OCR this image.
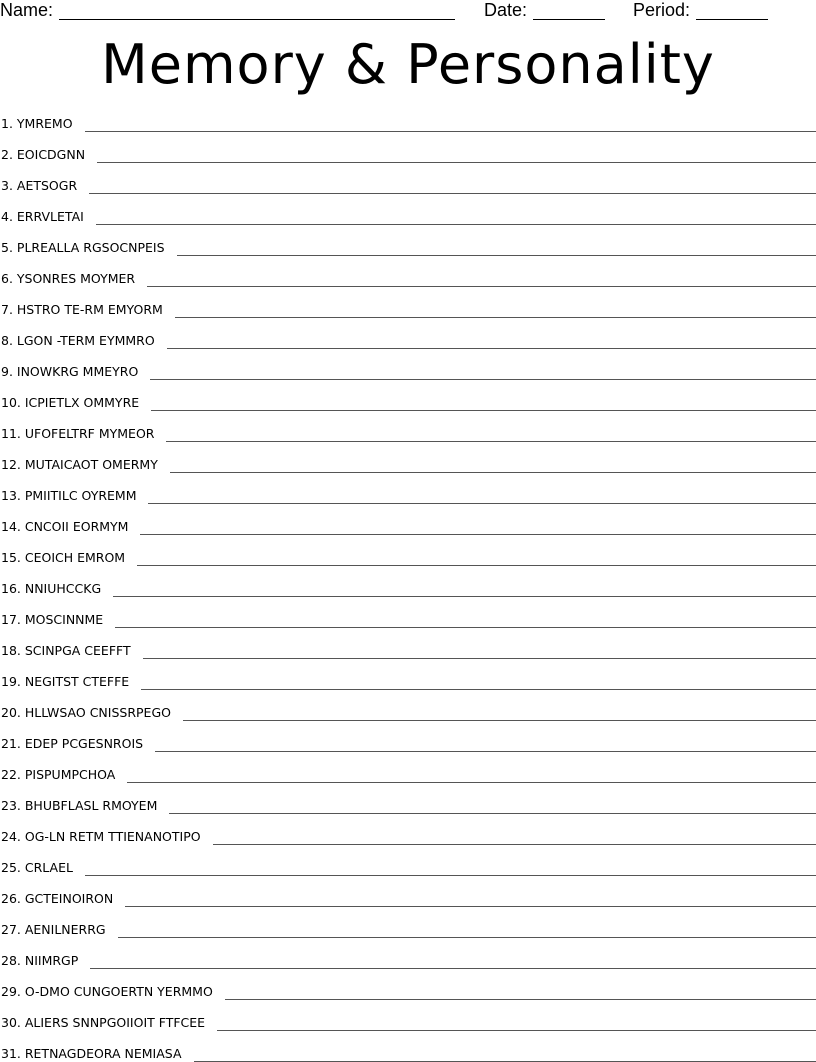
Name:	Date:	Period:
Memory & Personality
1. YMREMO
2. EOICDGNN
3. AETSOGR
4. ERRVLETAI
5. PLREALLA RGSOCNPEIS
6. YSONRES MOYMER
7. HSTRO TE-RM EMYORM
8. LGON -TERM EYMMRO
9. INOWKRG MMEYRO
10. ICPIETLX OMMYRE
11. UFOFELTRF MYMEOR
12. MUTAICAOT OMERMY
13. PMIITILC OYREMM
14. CNCOII EORMYM
15. CEOICH EMROM
16. NNIUHCCKG
17. MOSCINNME
18. SCINPGA CEEFFT
19. NEGITST CTEFFE
20. HLLWSAO CNISSRPEGO
21. EDEP PCGESNROIS
22. PISPUMPCHOA
23. BHUBFLASL RMOYEM
24. OG-LN RETM TTIENANOTIPO
25. CRLAEL
26. GCTEINOIRON
27. AENILNERRG
28. NIIMRGP
29. O-DMO CUNGOERTN YERMMO
30. ALIERS SNNPGOIIOIT FTFCEE
31. RETNAGDEORA NEMIASA
